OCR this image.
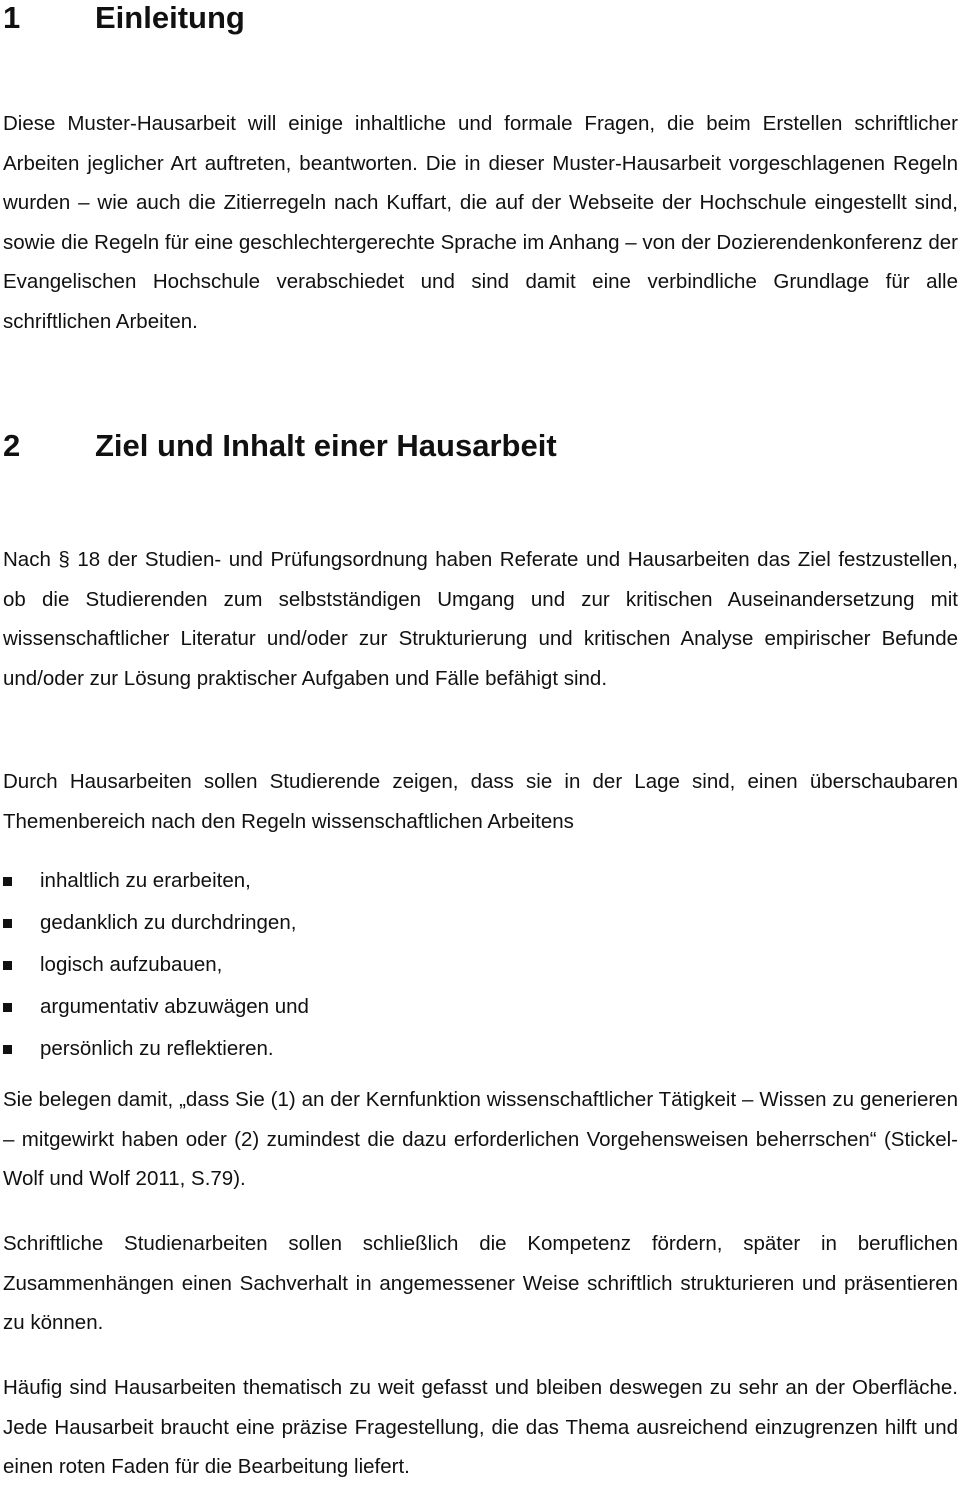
1	Einleitung

Diese Muster-Hausarbeit will einige inhaltliche und formale Fragen, die beim Erstellen schriftlicher Arbeiten jeglicher Art auftreten, beantworten. Die in dieser Muster-Hausarbeit vorgeschlagenen Regeln wurden – wie auch die Zitierregeln nach Kuffart, die auf der Webseite der Hochschule eingestellt sind, sowie die Regeln für eine geschlechtergerechte Sprache im Anhang – von der Dozierendenkonferenz der Evangelischen Hochschule verabschiedet und sind damit eine verbindliche Grundlage für alle schriftlichen Arbeiten.

2	Ziel und Inhalt einer Hausarbeit

Nach § 18 der Studien- und Prüfungsordnung haben Referate und Hausarbeiten das Ziel festzustellen, ob die Studierenden zum selbstständigen Umgang und zur kritischen Auseinandersetzung mit wissenschaftlicher Literatur und/oder zur Strukturierung und kritischen Analyse empirischer Befunde und/oder zur Lösung praktischer Aufgaben und Fälle befähigt sind.

Durch Hausarbeiten sollen Studierende zeigen, dass sie in der Lage sind, einen überschaubaren Themenbereich nach den Regeln wissenschaftlichen Arbeitens

inhaltlich zu erarbeiten,
gedanklich zu durchdringen,
logisch aufzubauen,
argumentativ abzuwägen und
persönlich zu reflektieren.

Sie belegen damit, „dass Sie (1) an der Kernfunktion wissenschaftlicher Tätigkeit – Wissen zu generieren – mitgewirkt haben oder (2) zumindest die dazu erforderlichen Vorgehensweisen beherrschen“ (Stickel-Wolf und Wolf 2011, S.79).

Schriftliche Studienarbeiten sollen schließlich die Kompetenz fördern, später in beruflichen Zusammenhängen einen Sachverhalt in angemessener Weise schriftlich strukturieren und präsentieren zu können.

Häufig sind Hausarbeiten thematisch zu weit gefasst und bleiben deswegen zu sehr an der Oberfläche. Jede Hausarbeit braucht eine präzise Fragestellung, die das Thema ausreichend einzugrenzen hilft und einen roten Faden für die Bearbeitung liefert.
